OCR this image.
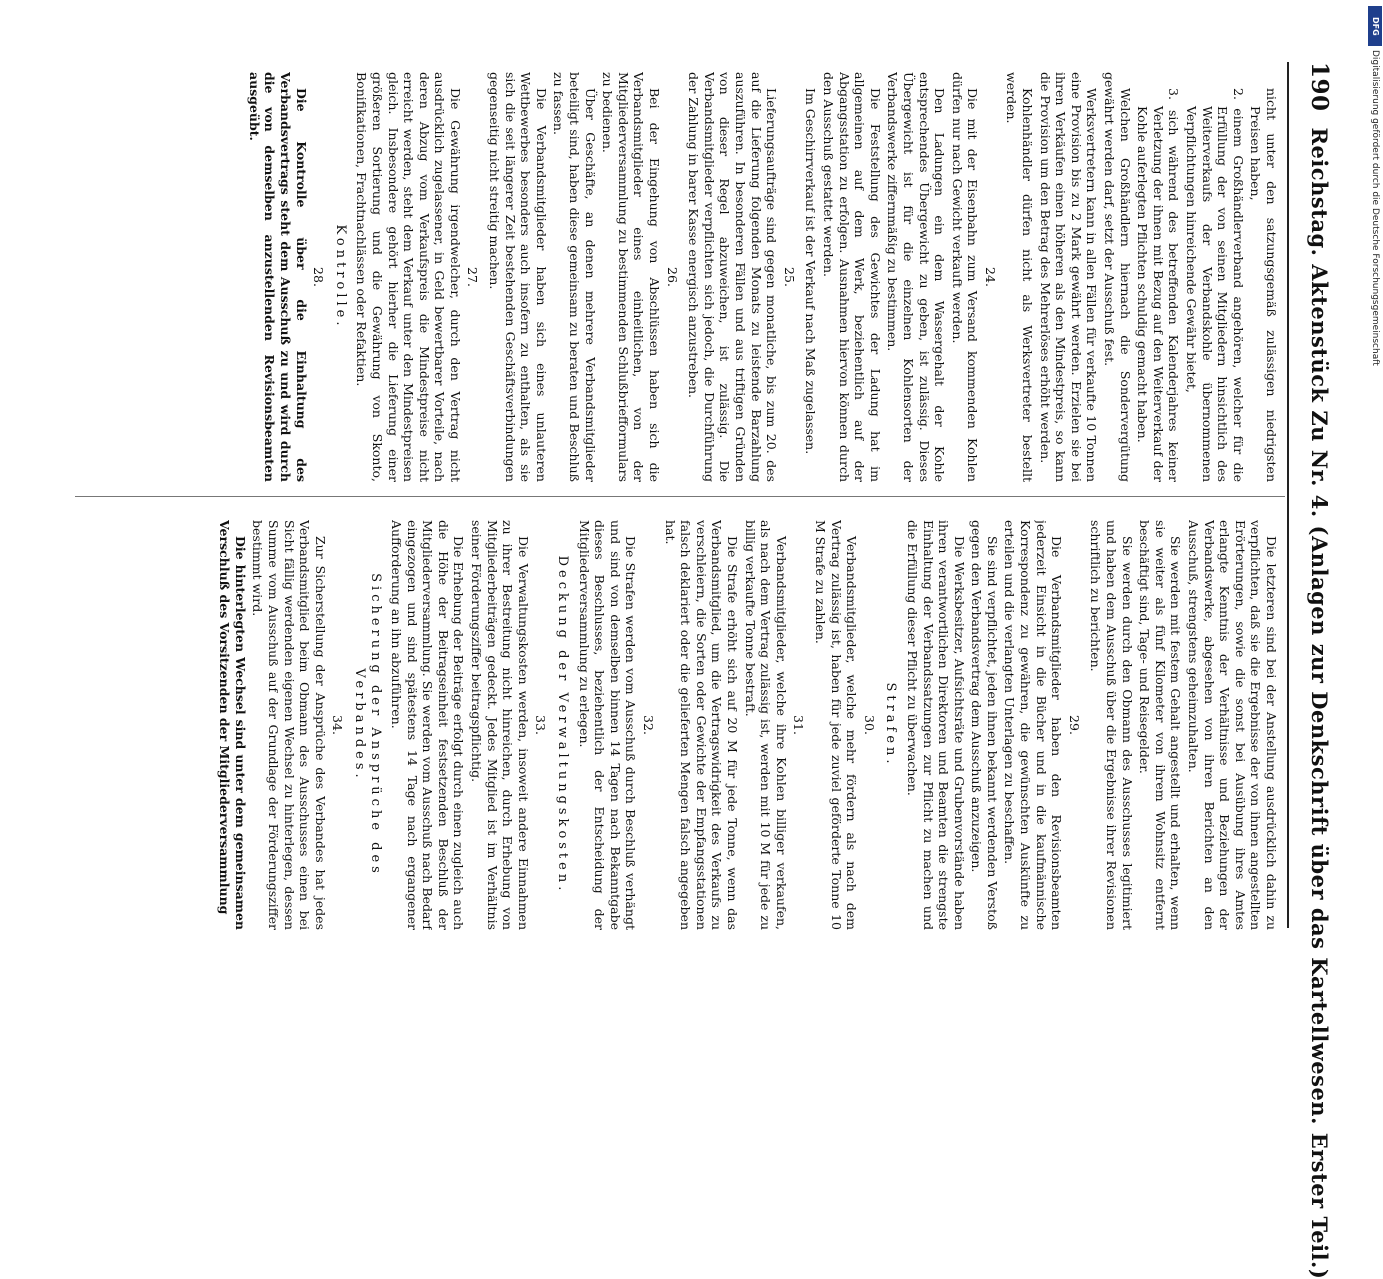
190
Reichstag. Aktenstück Zu Nr. 4. (Anlagen zur Denkschrift über das Kartellwesen. Erster Teil.)
nicht unter den satzungsgemäß zulässigen niedrigsten Preisen haben,
2. einem Großhändlerverband angehören, welcher für die Erfüllung der von seinen Mitgliedern hinsichtlich des Weiterverkaufs der Verbandskohle übernommenen Verpflichtungen hinreichende Gewähr bietet,
3. sich während des betreffenden Kalenderjahres keiner Verletzung der ihnen mit Bezug auf den Weiterverkauf der Kohle auferlegten Pflichten schuldig gemacht haben.
Welchen Großhändlern hiernach die Sondervergütung gewährt werden darf, setzt der Ausschuß fest.
Werksvertretern kann in allen Fällen für verkaufte 10 Tonnen eine Provision bis zu 2 Mark gewährt werden. Erzielen sie bei ihren Verkäufen einen höheren als den Mindestpreis, so kann die Provision um den Betrag des Mehrerlöses erhöht werden.
Kohlenhändler dürfen nicht als Werksvertreter bestellt werden.
24.
Die mit der Eisenbahn zum Versand kommenden Kohlen dürfen nur nach Gewicht verkauft werden.
Den Ladungen ein dem Wassergehalt der Kohle entsprechendes Übergewicht zu geben, ist zulässig. Dieses Übergewicht ist für die einzelnen Kohlensorten der Verbandswerke ziffernmäßig zu bestimmen.
Die Feststellung des Gewichtes der Ladung hat im allgemeinen auf dem Werk, beziehentlich auf der Abgangsstation zu erfolgen. Ausnahmen hiervon können durch den Ausschuß gestattet werden.
Im Geschirrverkauf ist der Verkauf nach Maß zugelassen.
25.
Lieferungsaufträge sind gegen monatliche, bis zum 20. des auf die Lieferung folgenden Monats zu leistende Barzahlung auszuführen. In besonderen Fällen und aus triftigen Gründen von dieser Regel abzuweichen, ist zulässig. Die Verbandsmitglieder verpflichten sich jedoch, die Durchführung der Zahlung in barer Kasse energisch anzustreben.
26.
Bei der Eingehung von Abschlüssen haben sich die Verbandsmitglieder eines einheitlichen, von der Mitgliederversammlung zu bestimmenden Schlußbriefformulars zu bedienen.
Über Geschäfte, an denen mehrere Verbandsmitglieder beteiligt sind, haben diese gemeinsam zu beraten und Beschluß zu fassen.
Die Verbandsmitglieder haben sich eines unlauteren Wettbewerbes besonders auch insofern zu enthalten, als sie sich die seit längerer Zeit bestehenden Geschäftsverbindungen gegenseitig nicht streitig machen.
27.
Die Gewährung irgendwelcher, durch den Vertrag nicht ausdrücklich zugelassener, in Geld bewertbarer Vorteile, nach deren Abzug vom Verkaufspreis die Mindestpreise nicht erreicht werden, steht dem Verkauf unter den Mindestpreisen gleich. Insbesondere gehört hierher die Lieferung einer größeren Sortierung und die Gewährung von Skonto, Bonifikationen, Frachtnachlässen oder Refaktien.
Kontrolle.
28.
Die Kontrolle über die Einhaltung des Verbandsvertrags steht dem Ausschuß zu und wird durch die von demselben anzustellenden Revisionsbeamten ausgeübt.
Die letzteren sind bei der Anstellung ausdrücklich dahin zu verpflichten, daß sie die Ergebnisse der von ihnen angestellten Erörterungen, sowie die sonst bei Ausübung ihres Amtes erlangte Kenntnis der Verhältnisse und Beziehungen der Verbandswerke, abgesehen von ihren Berichten an den Ausschuß, strengstens geheimzuhalten.
Sie werden mit festem Gehalt angestellt und erhalten, wenn sie weiter als fünf Kilometer von ihrem Wohnsitz entfernt beschäftigt sind, Tage- und Reisegelder.
Sie werden durch den Obmann des Ausschusses legitimiert und haben dem Ausschuß über die Ergebnisse ihrer Revisionen schriftlich zu berichten.
29.
Die Verbandsmitglieder haben den Revisionsbeamten jederzeit Einsicht in die Bücher und in die kaufmännische Korrespondenz zu gewähren, die gewünschten Auskünfte zu erteilen und die verlangten Unterlagen zu beschaffen.
Sie sind verpflichtet, jeden ihnen bekannt werdenden Verstoß gegen den Verbandsvertrag dem Ausschuß anzuzeigen.
Die Werksbesitzer, Aufsichtsräte und Grubenvorstände haben ihren verantwortlichen Direktoren und Beamten die strengste Einhaltung der Verbandssatzungen zur Pflicht zu machen und die Erfüllung dieser Pflicht zu überwachen.
Strafen.
30.
Verbandsmitglieder, welche mehr fördern als nach dem Vertrag zulässig ist, haben für jede zuviel geförderte Tonne 10 M Strafe zu zahlen.
31.
Verbandsmitglieder, welche ihre Kohlen billiger verkaufen, als nach dem Vertrag zulässig ist, werden mit 10 M für jede zu billig verkaufte Tonne bestraft.
Die Strafe erhöht sich auf 20 M für jede Tonne, wenn das Verbandsmitglied, um die Vertragswidrigkeit des Verkaufs zu verschleiern, die Sorten oder Gewichte der Empfangsstationen falsch deklariert oder die gelieferten Mengen falsch angegeben hat.
32.
Die Strafen werden vom Ausschuß durch Beschluß verhängt und sind von demselben binnen 14 Tagen nach Bekanntgabe dieses Beschlusses, beziehentlich der Entscheidung der Mitgliederversammlung zu erlegen.
Deckung der Verwaltungskosten.
33.
Die Verwaltungskosten werden, insoweit andere Einnahmen zu ihrer Bestreitung nicht hinreichen, durch Erhebung von Mitgliederbeiträgen gedeckt. Jedes Mitglied ist im Verhältnis seiner Förderungsziffer beitragspflichtig.
Die Erhebung der Beiträge erfolgt durch einen zugleich auch die Höhe der Beitragseinheit festsetzenden Beschluß der Mitgliederversammlung. Sie werden vom Ausschuß nach Bedarf eingezogen und sind spätestens 14 Tage nach ergangener Aufforderung an ihn abzuführen.
Sicherung der Ansprüche des Verbandes.
34.
Zur Sicherstellung der Ansprüche des Verbandes hat jedes Verbandsmitglied beim Obmann des Ausschusses einen bei Sicht fällig werdenden eigenen Wechsel zu hinterlegen, dessen Summe vom Ausschuß auf der Grundlage der Förderungsziffer bestimmt wird.
Die hinterlegten Wechsel sind unter dem gemeinsamen Verschluß des Vorsitzenden der Mitgliederversammlung
DFG
Digitalisierung gefördert durch die Deutsche Forschungsgemeinschaft
